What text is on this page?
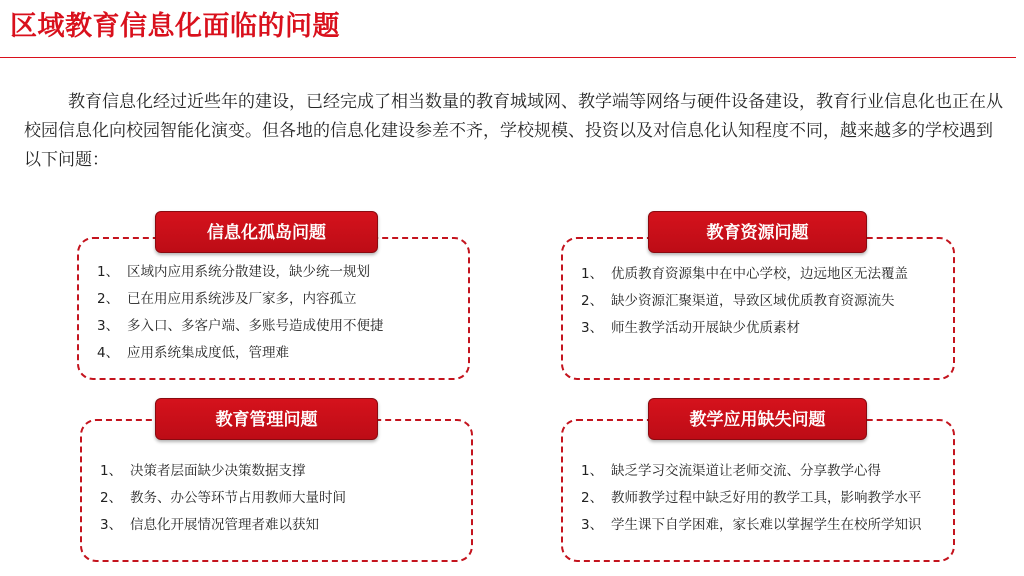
区域教育信息化面临的问题
教育信息化经过近些年的建设，已经完成了相当数量的教育城域网、教学端等网络与硬件设备建设，教育行业信息化也正在从校园信息化向校园智能化演变。但各地的信息化建设参差不齐，学校规模、投资以及对信息化认知程度不同，越来越多的学校遇到以下问题：
1、 区域内应用系统分散建设，缺少统一规划
2、 已在用应用系统涉及厂家多，内容孤立
3、 多入口、多客户端、多账号造成使用不便捷
4、 应用系统集成度低，管理难
信息化孤岛问题
1、 优质教育资源集中在中心学校，边远地区无法覆盖
2、 缺少资源汇聚渠道，导致区域优质教育资源流失
3、 师生教学活动开展缺少优质素材
教育资源问题
1、 决策者层面缺少决策数据支撑
2、 教务、办公等环节占用教师大量时间
3、 信息化开展情况管理者难以获知
教育管理问题
1、 缺乏学习交流渠道让老师交流、分享教学心得
2、 教师教学过程中缺乏好用的教学工具，影响教学水平
3、 学生课下自学困难，家长难以掌握学生在校所学知识
教学应用缺失问题
